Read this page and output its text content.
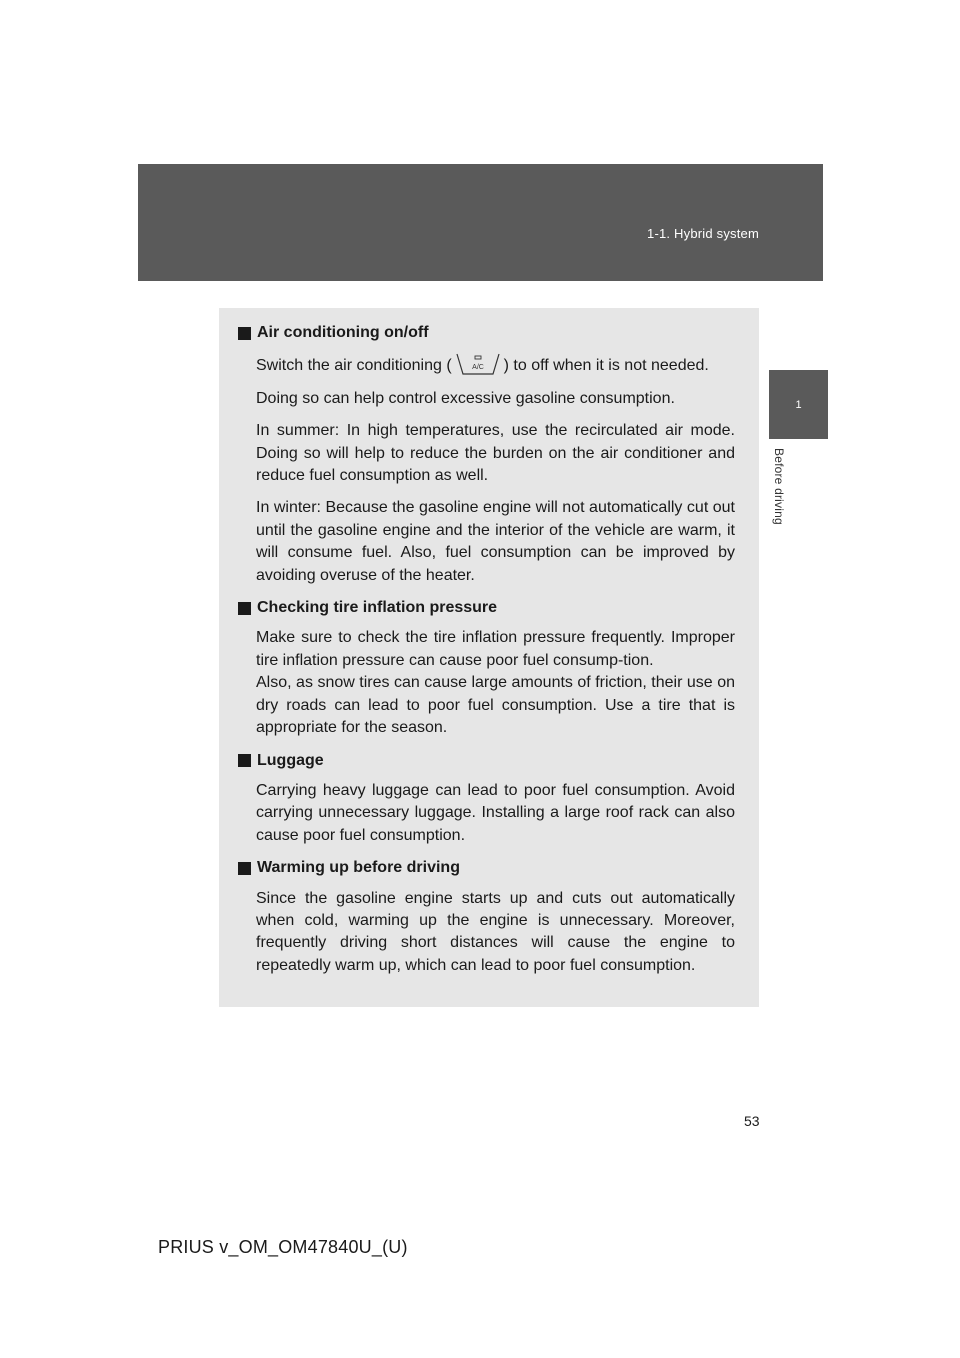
1-1. Hybrid system
1
Before driving
Air conditioning on/off

Switch the air conditioning (	A/C ) to off when it is not needed.

Doing so can help control excessive gasoline consumption.

In summer: In high temperatures, use the recirculated air mode. Doing so will help to reduce the burden on the air conditioner and reduce fuel consumption as well.

In winter: Because the gasoline engine will not automatically cut out until the gasoline engine and the interior of the vehicle are warm, it will consume fuel. Also, fuel consumption can be improved by avoiding overuse of the heater.

Checking tire inflation pressure

Make sure to check the tire inflation pressure frequently. Improper tire inflation pressure can cause poor fuel consump-tion.

Also, as snow tires can cause large amounts of friction, their use on dry roads can lead to poor fuel consumption. Use a tire that is appropriate for the season.

Luggage

Carrying heavy luggage can lead to poor fuel consumption. Avoid carrying unnecessary luggage. Installing a large roof rack can also cause poor fuel consumption.

Warming up before driving

Since the gasoline engine starts up and cuts out automatically when cold, warming up the engine is unnecessary. Moreover, frequently driving short distances will cause the engine to repeatedly warm up, which can lead to poor fuel consumption.

53
PRIUS v_OM_OM47840U_(U)
